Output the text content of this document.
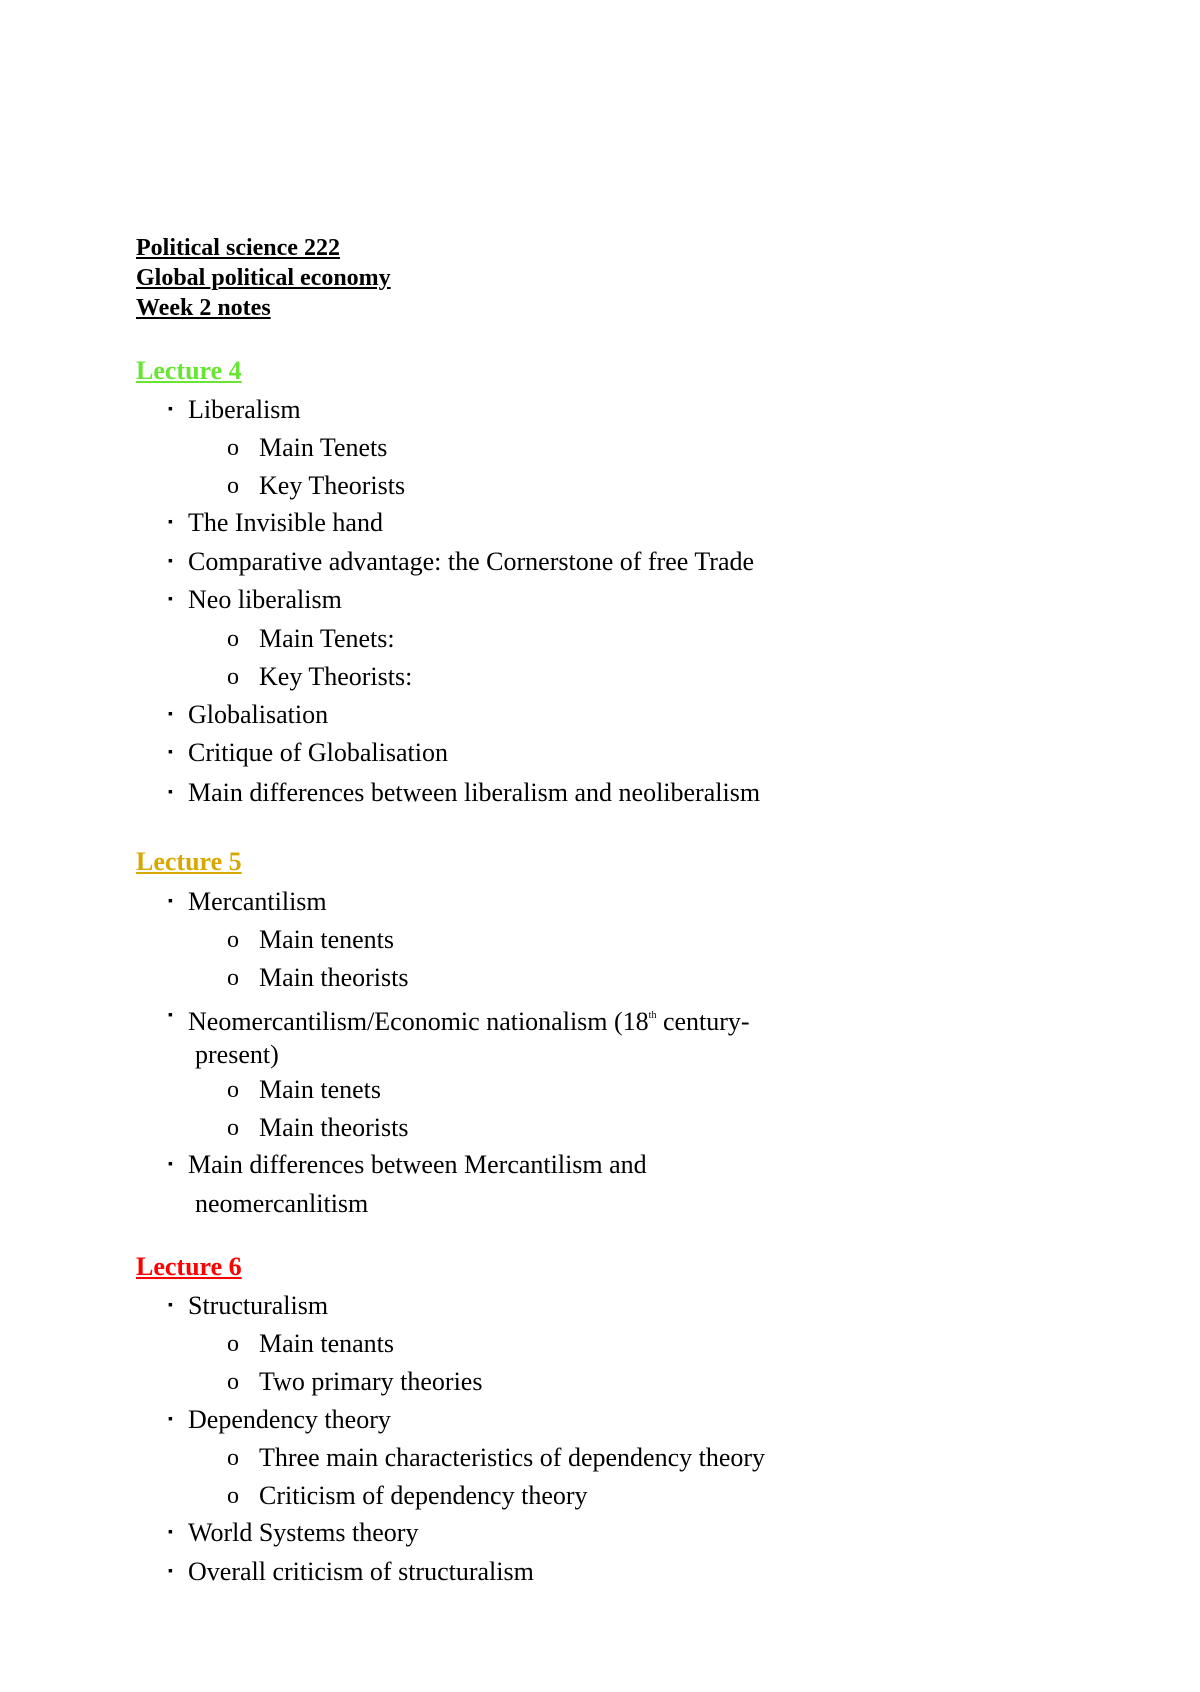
Political science 222
Global political economy
Week 2 notes
Lecture 4
▪ Liberalism
o Main Tenets
o Key Theorists
▪ The Invisible hand
▪ Comparative advantage: the Cornerstone of free Trade
▪ Neo liberalism
o Main Tenets:
o Key Theorists:
▪ Globalisation
▪ Critique of Globalisation
▪ Main differences between liberalism and neoliberalism
Lecture 5
▪ Mercantilism
o Main tenents
o Main theorists
▪ Neomercantilism/Economic nationalism (18th century-
present)
o Main tenets
o Main theorists
▪ Main differences between Mercantilism and
neomercanlitism
Lecture 6
▪ Structuralism
o Main tenants
o Two primary theories
▪ Dependency theory
o Three main characteristics of dependency theory
o Criticism of dependency theory
▪ World Systems theory
▪ Overall criticism of structuralism
